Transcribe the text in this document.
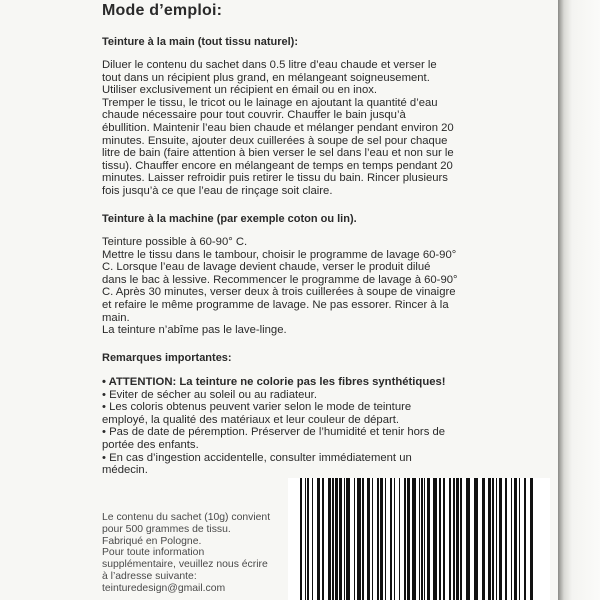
Mode d’emploi:
Teinture à la main (tout tissu naturel):

Diluer le contenu du sachet dans 0.5 litre d’eau chaude et verser le
tout dans un récipient plus grand, en mélangeant soigneusement.
Utiliser exclusivement un récipient en émail ou en inox.
Tremper le tissu, le tricot ou le lainage en ajoutant la quantité d’eau
chaude nécessaire pour tout couvrir. Chauffer le bain jusqu’à
ébullition. Maintenir l’eau bien chaude et mélanger pendant environ 20
minutes. Ensuite, ajouter deux cuillerées à soupe de sel pour chaque
litre de bain (faire attention à bien verser le sel dans l’eau et non sur le
tissu). Chauffer encore en mélangeant de temps en temps pendant 20
minutes. Laisser refroidir puis retirer le tissu du bain. Rincer plusieurs
fois jusqu’à ce que l’eau de rinçage soit claire.

Teinture à la machine (par exemple coton ou lin).

Teinture possible à 60-90° C.
Mettre le tissu dans le tambour, choisir le programme de lavage 60-90°
C. Lorsque l’eau de lavage devient chaude, verser le produit dilué
dans le bac à lessive. Recommencer le programme de lavage à 60-90°
C. Après 30 minutes, verser deux à trois cuillerées à soupe de vinaigre
et refaire le même programme de lavage. Ne pas essorer. Rincer à la
main.
La teinture n’abîme pas le lave-linge.

Remarques importantes:
• ATTENTION: La teinture ne colorie pas les fibres synthétiques!
• Eviter de sécher au soleil ou au radiateur.
• Les coloris obtenus peuvent varier selon le mode de teinture
employé, la qualité des matériaux et leur couleur de départ.
• Pas de date de péremption. Préserver de l’humidité et tenir hors de
portée des enfants.
• En cas d’ingestion accidentelle, consulter immédiatement un
médecin.

Le contenu du sachet (10g) convient
pour 500 grammes de tissu.
Fabriqué en Pologne.
Pour toute information
supplémentaire, veuillez nous écrire
à l’adresse suivante:
teinturedesign@gmail.com
